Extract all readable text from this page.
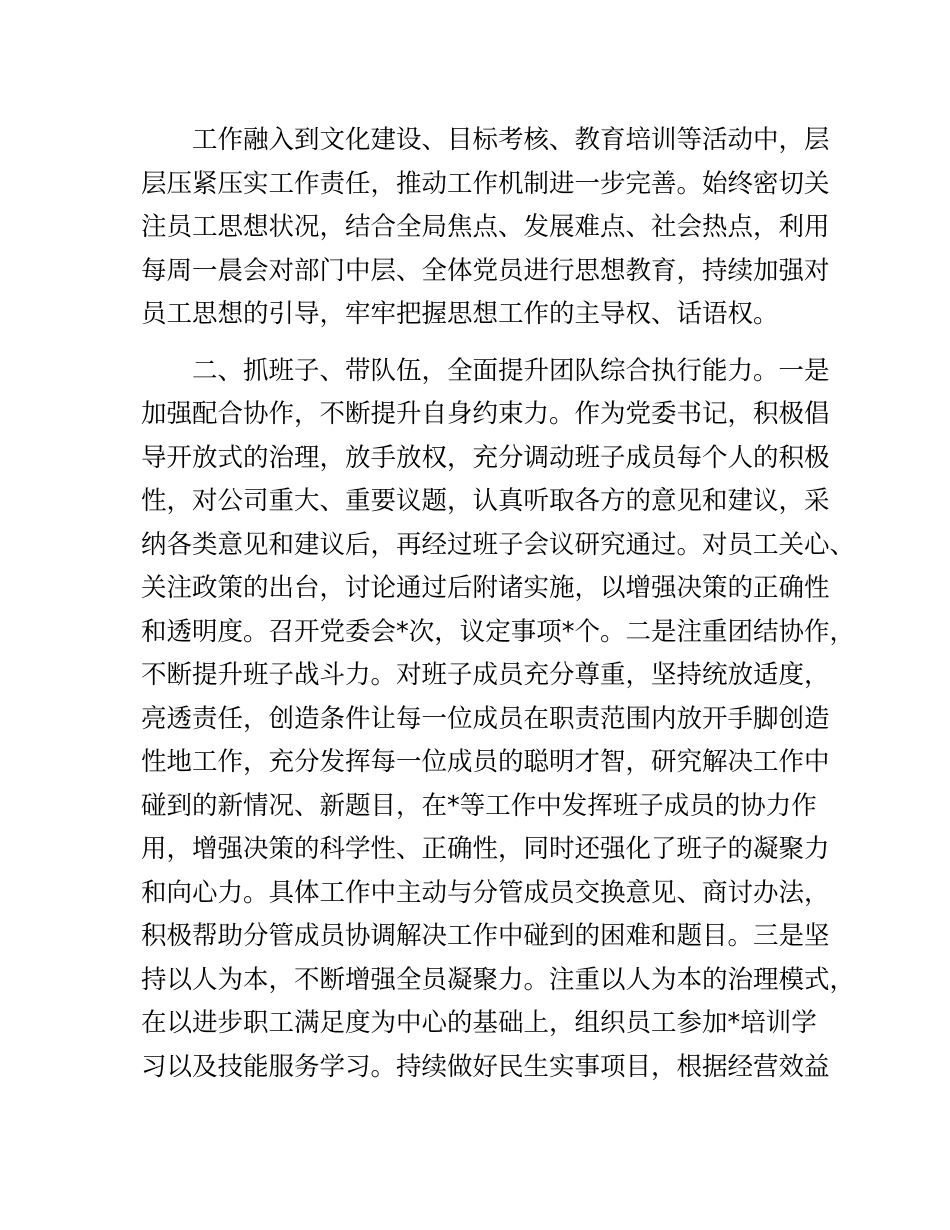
　　工作融入到文化建设、目标考核、教育培训等活动中，层
层压紧压实工作责任，推动工作机制进一步完善。始终密切关
注员工思想状况，结合全局焦点、发展难点、社会热点，利用
每周一晨会对部门中层、全体党员进行思想教育，持续加强对
员工思想的引导，牢牢把握思想工作的主导权、话语权。
　　二、抓班子、带队伍，全面提升团队综合执行能力。一是
加强配合协作，不断提升自身约束力。作为党委书记，积极倡
导开放式的治理，放手放权，充分调动班子成员每个人的积极
性，对公司重大、重要议题，认真听取各方的意见和建议，采
纳各类意见和建议后，再经过班子会议研究通过。对员工关心、
关注政策的出台，讨论通过后附诸实施，以增强决策的正确性
和透明度。召开党委会*次，议定事项*个。二是注重团结协作，
不断提升班子战斗力。对班子成员充分尊重，坚持统放适度，
亮透责任，创造条件让每一位成员在职责范围内放开手脚创造
性地工作，充分发挥每一位成员的聪明才智，研究解决工作中
碰到的新情况、新题目，在*等工作中发挥班子成员的协力作
用，增强决策的科学性、正确性，同时还强化了班子的凝聚力
和向心力。具体工作中主动与分管成员交换意见、商讨办法，
积极帮助分管成员协调解决工作中碰到的困难和题目。三是坚
持以人为本，不断增强全员凝聚力。注重以人为本的治理模式，
在以进步职工满足度为中心的基础上，组织员工参加*培训学
习以及技能服务学习。持续做好民生实事项目，根据经营效益
